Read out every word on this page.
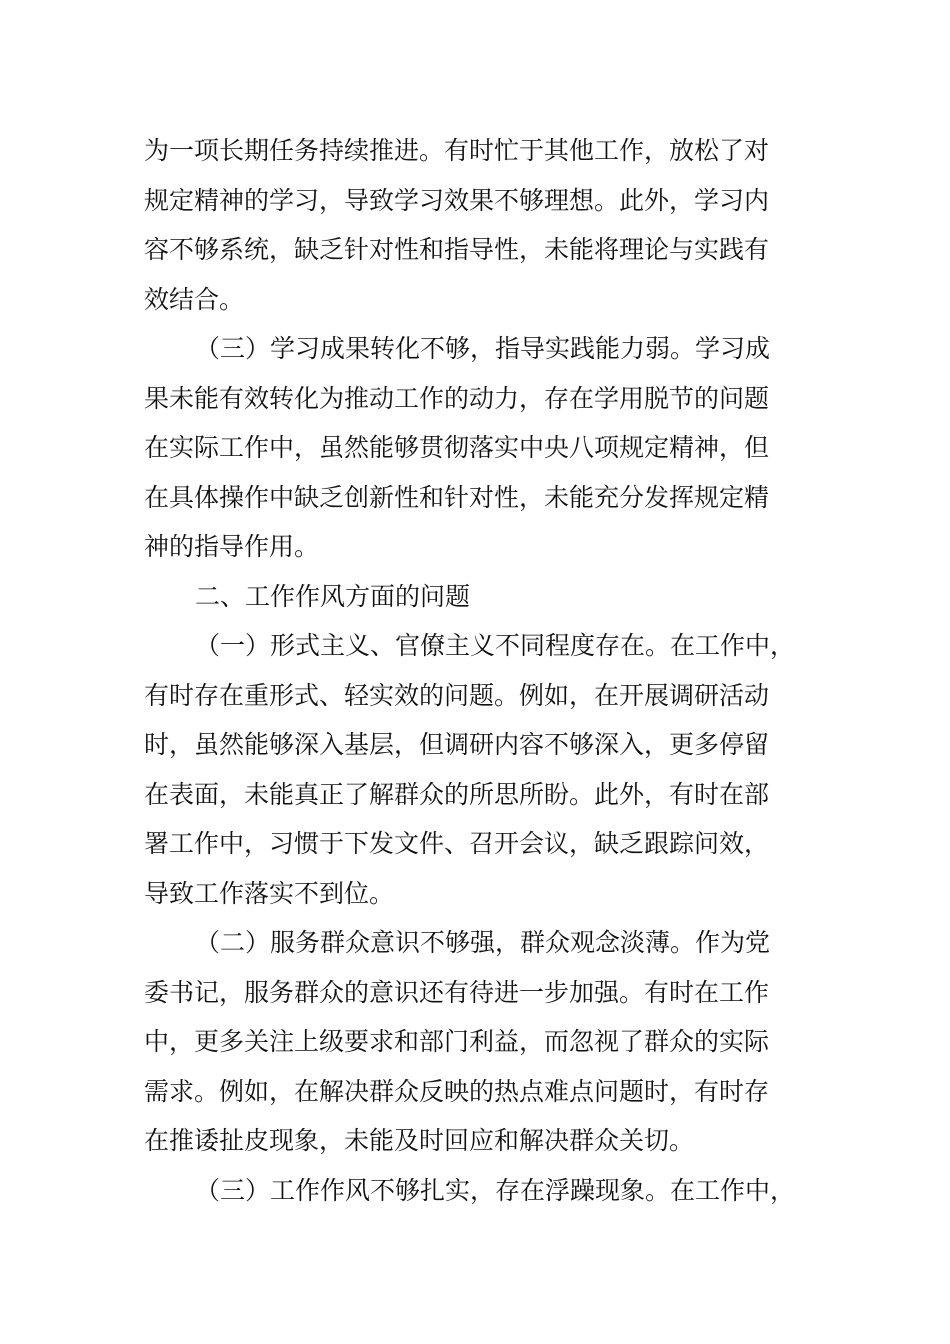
为一项长期任务持续推进。有时忙于其他工作，放松了对

规定精神的学习，导致学习效果不够理想。此外，学习内

容不够系统，缺乏针对性和指导性，未能将理论与实践有

效结合。

（三）学习成果转化不够，指导实践能力弱。学习成

果未能有效转化为推动工作的动力，存在学用脱节的问题

在实际工作中，虽然能够贯彻落实中央八项规定精神，但

在具体操作中缺乏创新性和针对性，未能充分发挥规定精

神的指导作用。

二、工作作风方面的问题

（一）形式主义、官僚主义不同程度存在。在工作中，

有时存在重形式、轻实效的问题。例如，在开展调研活动

时，虽然能够深入基层，但调研内容不够深入，更多停留

在表面，未能真正了解群众的所思所盼。此外，有时在部

署工作中，习惯于下发文件、召开会议，缺乏跟踪问效，

导致工作落实不到位。

（二）服务群众意识不够强，群众观念淡薄。作为党

委书记，服务群众的意识还有待进一步加强。有时在工作

中，更多关注上级要求和部门利益，而忽视了群众的实际

需求。例如，在解决群众反映的热点难点问题时，有时存

在推诿扯皮现象，未能及时回应和解决群众关切。

（三）工作作风不够扎实，存在浮躁现象。在工作中，
